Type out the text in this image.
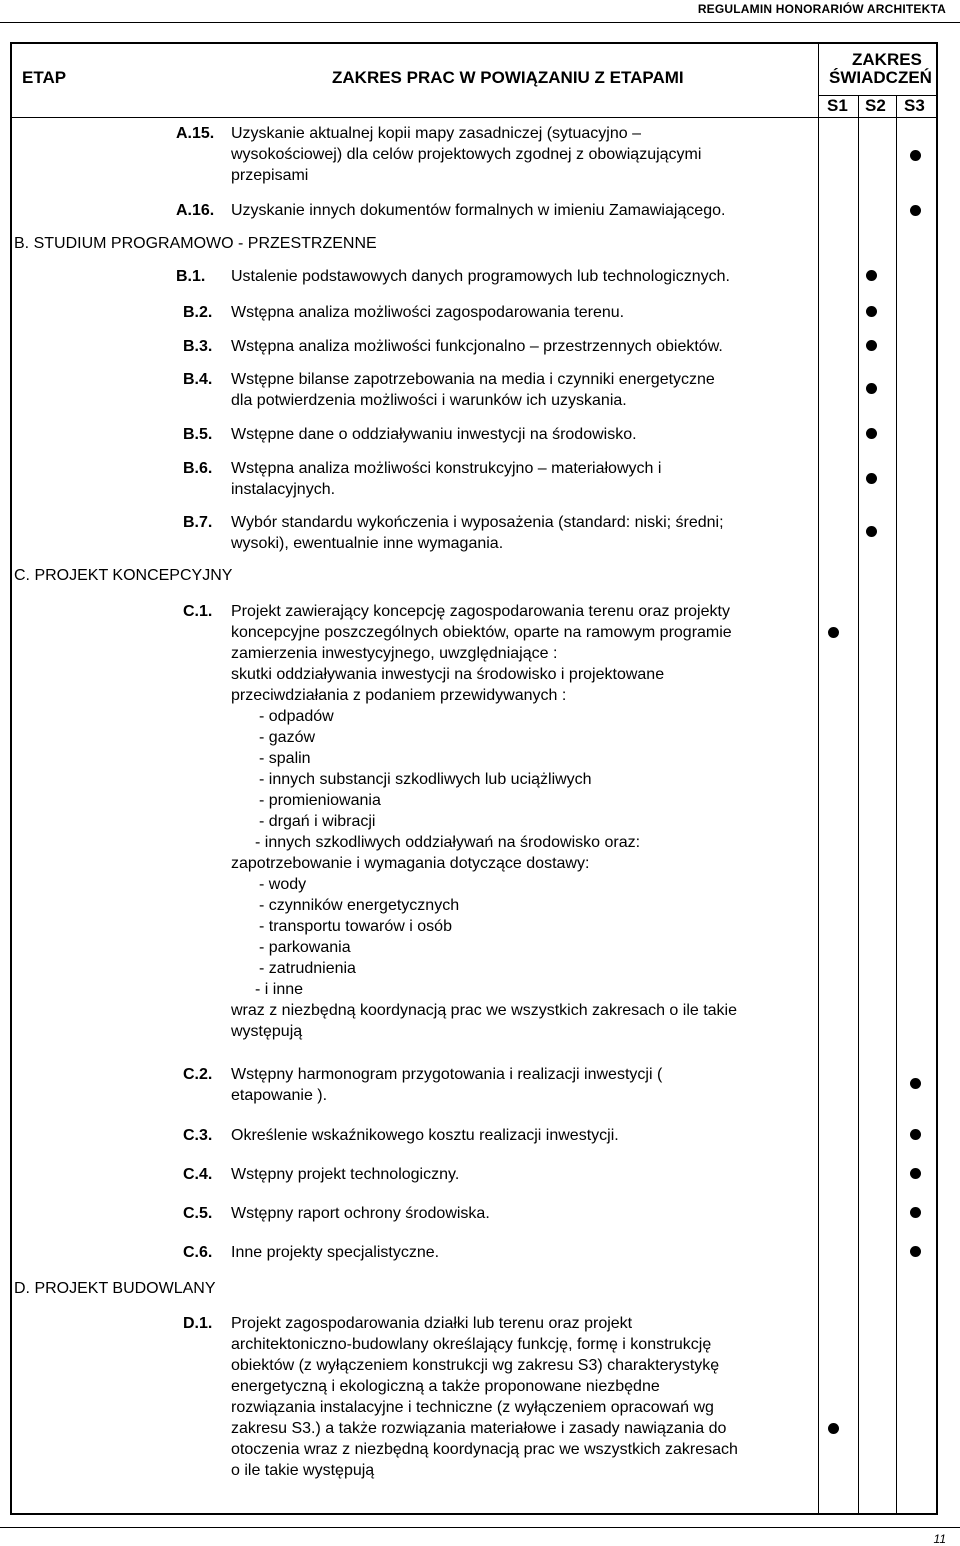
REGULAMIN HONORARIÓW ARCHITEKTA
ETAP	ZAKRES PRAC W POWIĄZANIU Z ETAPAMI
ZAKRES
ŚWIADCZEŃ
S1 S2 S3
A.15. Uzyskanie aktualnej kopii mapy zasadniczej (sytuacyjno –
wysokościowej) dla celów projektowych zgodnej z obowiązującymi
przepisami
A.16. Uzyskanie innych dokumentów formalnych w imieniu Zamawiającego.
B. STUDIUM PROGRAMOWO - PRZESTRZENNE
B.1. Ustalenie podstawowych danych programowych lub technologicznych.
B.2. Wstępna analiza możliwości zagospodarowania terenu.
B.3. Wstępna analiza możliwości funkcjonalno – przestrzennych obiektów.
B.4. Wstępne bilanse zapotrzebowania na media i czynniki energetyczne
dla potwierdzenia możliwości i warunków ich uzyskania.
B.5. Wstępne dane o oddziaływaniu inwestycji na środowisko.
B.6. Wstępna analiza możliwości konstrukcyjno – materiałowych i
instalacyjnych.
B.7. Wybór standardu wykończenia i wyposażenia (standard: niski; średni;
wysoki), ewentualnie inne wymagania.
C. PROJEKT KONCEPCYJNY
C.1. Projekt zawierający koncepcję zagospodarowania terenu oraz projekty
koncepcyjne poszczególnych obiektów, oparte na ramowym programie
zamierzenia inwestycyjnego, uwzględniające :
skutki oddziaływania inwestycji na środowisko i projektowane
przeciwdziałania z podaniem przewidywanych :
- odpadów
- gazów
- spalin
- innych substancji szkodliwych lub uciążliwych
- promieniowania
- drgań i wibracji
- innych szkodliwych oddziaływań na środowisko oraz:
zapotrzebowanie i wymagania dotyczące dostawy:
- wody
- czynników energetycznych
- transportu towarów i osób
- parkowania
- zatrudnienia
- i inne
wraz z niezbędną koordynacją prac we wszystkich zakresach o ile takie
występują
C.2. Wstępny harmonogram przygotowania i realizacji inwestycji (
etapowanie ).
C.3. Określenie wskaźnikowego kosztu realizacji inwestycji.
C.4. Wstępny projekt technologiczny.
C.5. Wstępny raport ochrony środowiska.
C.6. Inne projekty specjalistyczne.
D. PROJEKT BUDOWLANY
D.1. Projekt zagospodarowania działki lub terenu oraz projekt
architektoniczno-budowlany określający funkcję, formę i konstrukcję
obiektów (z wyłączeniem konstrukcji wg zakresu S3) charakterystykę
energetyczną i ekologiczną a także proponowane niezbędne
rozwiązania instalacyjne i techniczne (z wyłączeniem opracowań wg
zakresu S3.) a także rozwiązania materiałowe i zasady nawiązania do
otoczenia wraz z niezbędną koordynacją prac we wszystkich zakresach
o ile takie występują
11
